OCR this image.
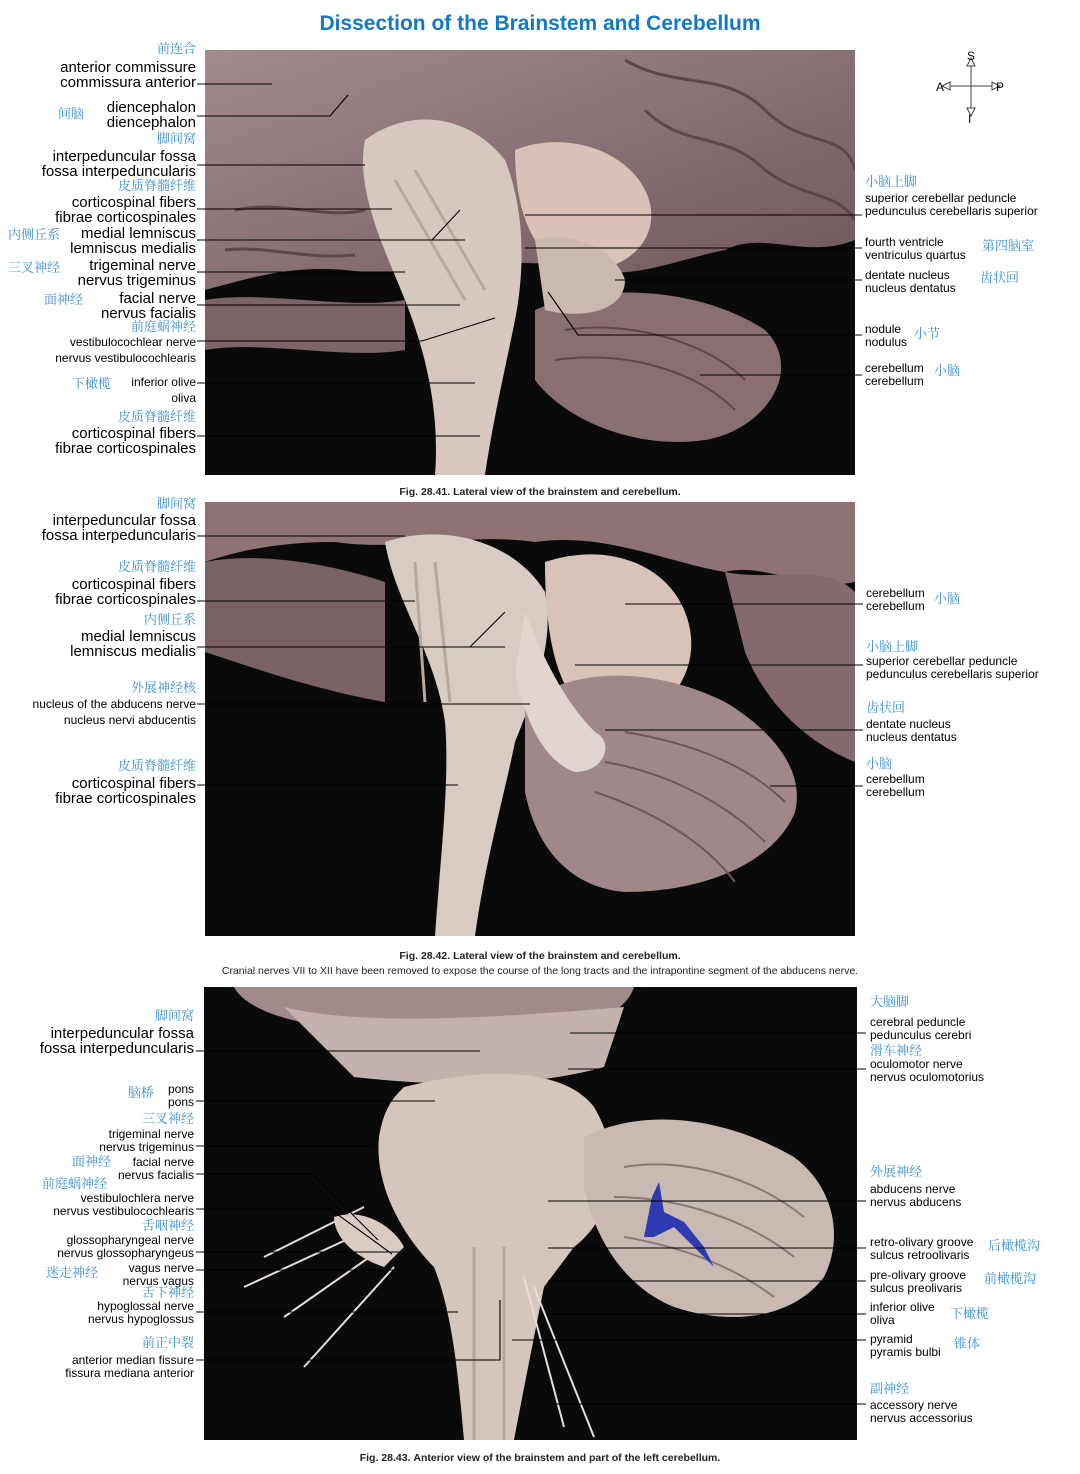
Dissection of the Brainstem and Cerebellum
S
A	P
I
前连合
anterior commissure
commissura anterior
间脑 diencephalon
diencephalon
脚间窝
interpeduncular fossa
fossa interpeduncularis
皮质脊髓纤维
corticospinal fibers
fibrae corticospinales
内侧丘系	medial lemniscus
lemniscus medialis
三叉神经	trigeminal nerve
nervus trigeminus
面神经	facial nerve
nervus facialis
前庭蜗神经
vestibulocochlear nerve
nervus vestibulocochlearis
下橄榄 inferior olive
oliva
皮质脊髓纤维
corticospinal fibers
fibrae corticospinales
小脑上脚
superior cerebellar peduncle
pedunculus cerebellaris superior
fourth ventricle
ventriculus quartus
第四脑室
dentate nucleus
nucleus dentatus
齿状回
nodule
nodulus 小节
cerebellum
cerebellum
小脑
Fig. 28.41. Lateral view of the brainstem and cerebellum.
脚间窝
interpeduncular fossa
fossa interpeduncularis
皮质脊髓纤维
corticospinal fibers
fibrae corticospinales
内侧丘系
medial lemniscus
lemniscus medialis
外展神经核
nucleus of the abducens nerve
nucleus nervi abducentis
皮质脊髓纤维
corticospinal fibers
fibrae corticospinales
cerebellum
cerebellum 小脑
小脑上脚
superior cerebellar peduncle
pedunculus cerebellaris superior
齿状回
dentate nucleus
nucleus dentatus
小脑
cerebellum
cerebellum
Fig. 28.42. Lateral view of the brainstem and cerebellum.
Cranial nerves VII to XII have been removed to expose the course of the long tracts and the intrapontine segment of the abducens nerve.
脚间窝
interpeduncular fossa
fossa interpeduncularis
脑桥 pons
pons
三叉神经
trigeminal nerve
nervus trigeminus
面神经	facial nerve
nervus facialis
前庭蜗神经
vestibulochlera nerve
nervus vestibulocochlearis
舌咽神经
glossopharyngeal nerve
nervus glossopharyngeus
迷走神经	vagus nerve
nervus vagus
舌下神经
hypoglossal nerve
nervus hypoglossus
前正中裂
anterior median fissure
fissura mediana anterior
大脑脚
cerebral peduncle
pedunculus cerebri
滑车神经
oculomotor nerve
nervus oculomotorius
外展神经
abducens nerve
nervus abducens
retro-olivary groove
sulcus retroolivaris
后橄榄沟
pre-olivary groove
sulcus preolivaris
前橄榄沟
inferior olive
oliva	下橄榄
pyramid
pyramis bulbi 锥体
副神经
accessory nerve
nervus accessorius
Fig. 28.43. Anterior view of the brainstem and part of the left cerebellum.
